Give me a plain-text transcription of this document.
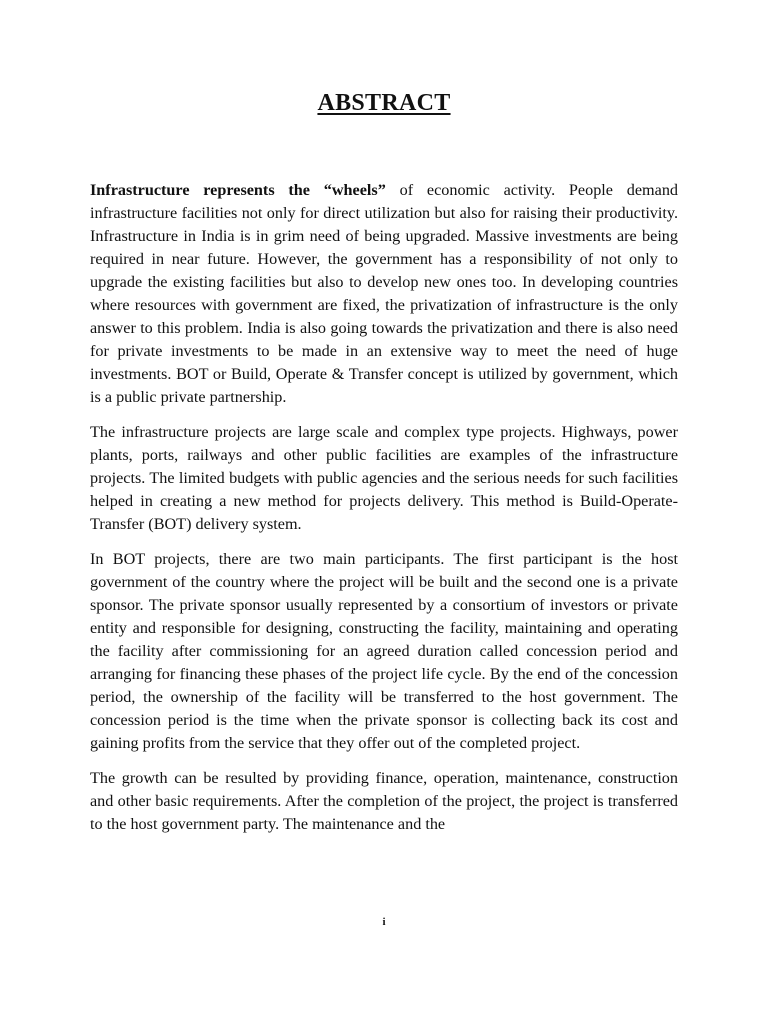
ABSTRACT

Infrastructure represents the “wheels” of economic activity. People demand infrastructure facilities not only for direct utilization but also for raising their productivity. Infrastructure in India is in grim need of being upgraded. Massive investments are being required in near future. However, the government has a responsibility of not only to upgrade the existing facilities but also to develop new ones too. In developing countries where resources with government are fixed, the privatization of infrastructure is the only answer to this problem. India is also going towards the privatization and there is also need for private investments to be made in an extensive way to meet the need of huge investments. BOT or Build, Operate & Transfer concept is utilized by government, which is a public private partnership.

The infrastructure projects are large scale and complex type projects. Highways, power plants, ports, railways and other public facilities are examples of the infrastructure projects. The limited budgets with public agencies and the serious needs for such facilities helped in creating a new method for projects delivery. This method is Build-Operate-Transfer (BOT) delivery system.

In BOT projects, there are two main participants. The first participant is the host government of the country where the project will be built and the second one is a private sponsor. The private sponsor usually represented by a consortium of investors or private entity and responsible for designing, constructing the facility, maintaining and operating the facility after commissioning for an agreed duration called concession period and arranging for financing these phases of the project life cycle. By the end of the concession period, the ownership of the facility will be transferred to the host government. The concession period is the time when the private sponsor is collecting back its cost and gaining profits from the service that they offer out of the completed project.

The growth can be resulted by providing finance, operation, maintenance, construction and other basic requirements. After the completion of the project, the project is transferred to the host government party. The maintenance and the

i
